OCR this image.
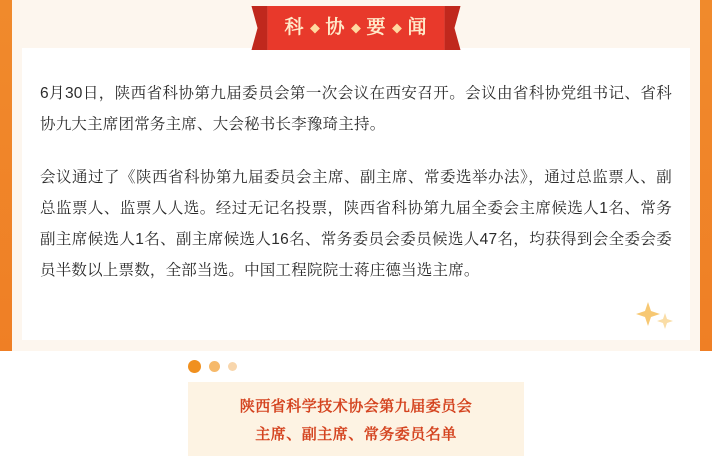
科	协	要	闻

6月30日，陕西省科协第九届委员会第一次会议在西安召开。会议由省科协党组书记、省科协九大主席团常务主席、大会秘书长李豫琦主持。

会议通过了《陕西省科协第九届委员会主席、副主席、常委选举办法》，通过总监票人、副总监票人、监票人人选。经过无记名投票，陕西省科协第九届全委会主席候选人1名、常务副主席候选人1名、副主席候选人16名、常务委员会委员候选人47名，均获得到会全委会委员半数以上票数，全部当选。中国工程院院士蒋庄德当选主席。

陕西省科学技术协会第九届委员会
主席、副主席、常务委员名单
